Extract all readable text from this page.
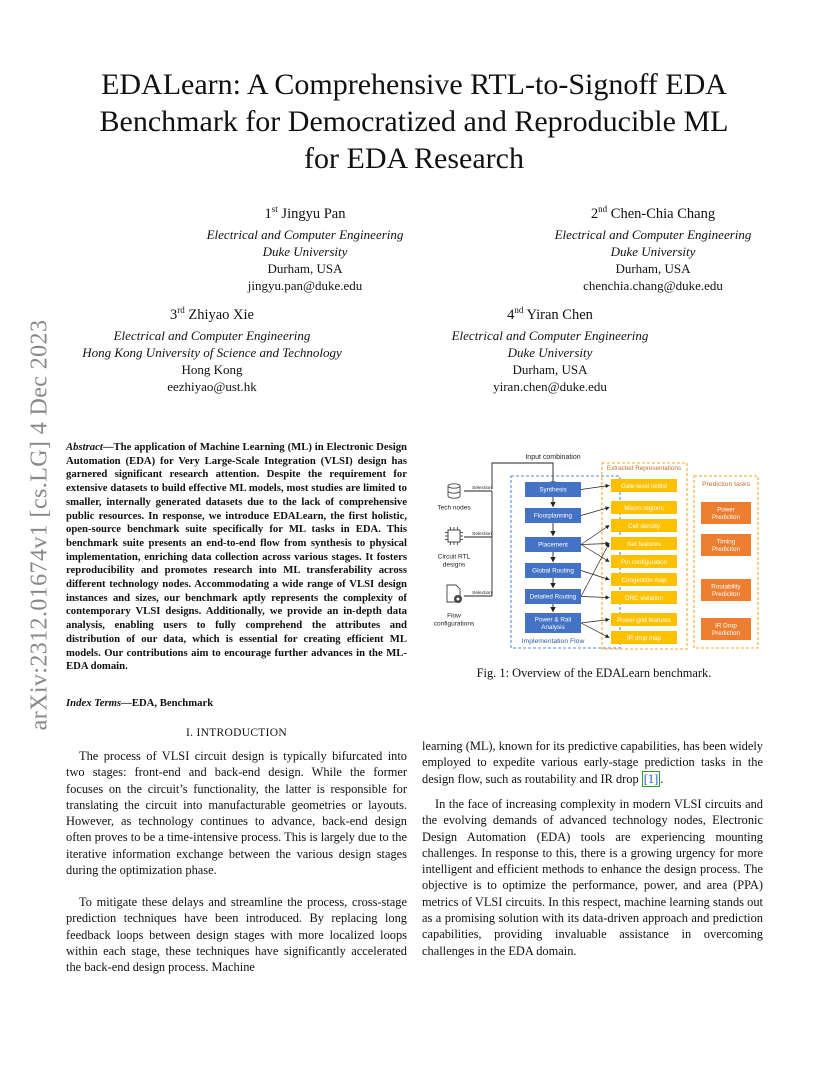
arXiv:2312.01674v1 [cs.LG] 4 Dec 2023
EDALearn: A Comprehensive RTL-to-Signoff EDA
Benchmark for Democratized and Reproducible ML
for EDA Research
1st Jingyu Pan
Electrical and Computer Engineering
Duke University
Durham, USA
jingyu.pan@duke.edu
2nd Chen-Chia Chang
Electrical and Computer Engineering
Duke University
Durham, USA
chenchia.chang@duke.edu
3rd Zhiyao Xie
Electrical and Computer Engineering
Hong Kong University of Science and Technology
Hong Kong
eezhiyao@ust.hk
4nd Yiran Chen
Electrical and Computer Engineering
Duke University
Durham, USA
yiran.chen@duke.edu
Abstract—The application of Machine Learning (ML) in Electronic Design Automation (EDA) for Very Large-Scale Integration (VLSI) design has garnered significant research attention. Despite the requirement for extensive datasets to build effective ML models, most studies are limited to smaller, internally generated datasets due to the lack of comprehensive public resources. In response, we introduce EDALearn, the first holistic, open-source benchmark suite specifically for ML tasks in EDA. This benchmark suite presents an end-to-end flow from synthesis to physical implementation, enriching data collection across various stages. It fosters reproducibility and promotes research into ML transferability across different technology nodes. Accommodating a wide range of VLSI design instances and sizes, our benchmark aptly represents the complexity of contemporary VLSI designs. Additionally, we provide an in-depth data analysis, enabling users to fully comprehend the attributes and distribution of our data, which is essential for creating efficient ML models. Our contributions aim to encourage further advances in the ML-EDA domain.
Index Terms—EDA, Benchmark
I. INTRODUCTION
The process of VLSI circuit design is typically bifurcated into two stages: front-end and back-end design. While the former focuses on the circuit’s functionality, the latter is responsible for translating the circuit into manufacturable geometries or layouts. However, as technology continues to advance, back-end design often proves to be a time-intensive process. This is largely due to the iterative information exchange between the various design stages during the optimization phase.
To mitigate these delays and streamline the process, cross-stage prediction techniques have been introduced. By replacing long feedback loops between design stages with more localized loops within each stage, these techniques have significantly accelerated the back-end design process. Machine
learning (ML), known for its predictive capabilities, has been widely employed to expedite various early-stage prediction tasks in the design flow, such as routability and IR drop [1] .
In the face of increasing complexity in modern VLSI circuits and the evolving demands of advanced technology nodes, Electronic Design Automation (EDA) tools are experiencing mounting challenges. In response to this, there is a growing urgency for more intelligent and efficient methods to enhance the design process. The objective is to optimize the performance, power, and area (PPA) metrics of VLSI circuits. In this respect, machine learning stands out as a promising solution with its data-driven approach and prediction capabilities, providing invaluable assistance in overcoming challenges in the EDA domain.
Input combination
Tech nodes
Circuit RTL
designs
Flow
configurations
Selection
Selection
Selection
Synthesis
Floorplanning
Placement
Global Routing
Detailed Routing
Power & Rail
Analysis
Implementation Flow
Extracted Representations
Gate-level netlist
Macro regions
Cell density
Net features
Pin configuration
Congestion map
DRC violation
Power grid features
IR drop map
Prediction tasks
Power
Prediciton
Timing
Prediciton
Routability
Prediciton
IR Drop
Prediction
Fig. 1: Overview of the EDALearn benchmark.
